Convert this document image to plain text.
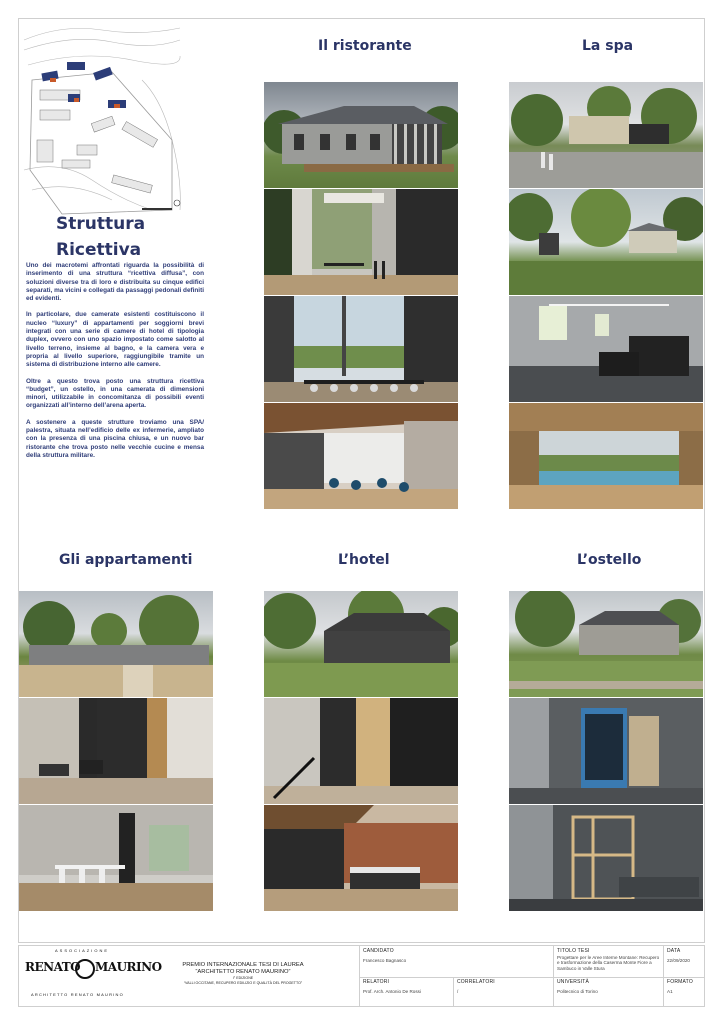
Struttura
Ricettiva

Uno dei macrotemi affrontati riguarda la possibilità di inserimento di una struttura “ricettiva diffusa”, con soluzioni diverse tra di loro e distribuita su cinque edifici separati, ma vicini e collegati da passaggi pedonali definiti ed evidenti.

In particolare, due camerate esistenti costituiscono il nucleo “luxury” di appartamenti per soggiorni brevi integrati con una serie di camere di hotel di tipologia duplex, ovvero con uno spazio impostato come salotto al livello terreno, insieme al bagno, e la camera vera e propria al livello superiore, raggiungibile tramite un sistema di distribuzione interno alle camere.

Oltre a questo trova posto una struttura ricettiva “budget”, un ostello, in una camerata di dimensioni minori, utilizzabile in concomitanza di possibili eventi organizzati all’interno dell’arena aperta.

A sostenere a queste strutture troviamo una SPA/ palestra, situata nell’edificio delle ex infermerie, ampliato con la presenza di una piscina chiusa, e un nuovo bar ristorante che trova posto nelle vecchie cucine e mensa della struttura militare.

Il ristorante	La spa
Gli appartamenti	L’hotel	L’ostello
ASSOCIAZIONE
RENATO MAURINO
ARCHITETTO RENATO MAURINO
PREMIO INTERNAZIONALE TESI DI LAUREA
“ARCHITETTO RENATO MAURINO”
I° EDIZIONE
“VALLI OCCITANE, RECUPERO EDILIZIO E QUALITÀ DEL PROGETTO”
CANDIDATO
Francesco Bagnasco
RELATORI
Prof. Arch. Antonio De Rossi
CORRELATORI
/
TITOLO TESI
Progettare per le Aree Interne Montane: Recupero e trasformazione della Caserma Monte Fiore a Sambuco in Valle Stura
UNIVERSITÀ
Politecnico di Torino
DATA
22/09/2020
FORMATO
A1
